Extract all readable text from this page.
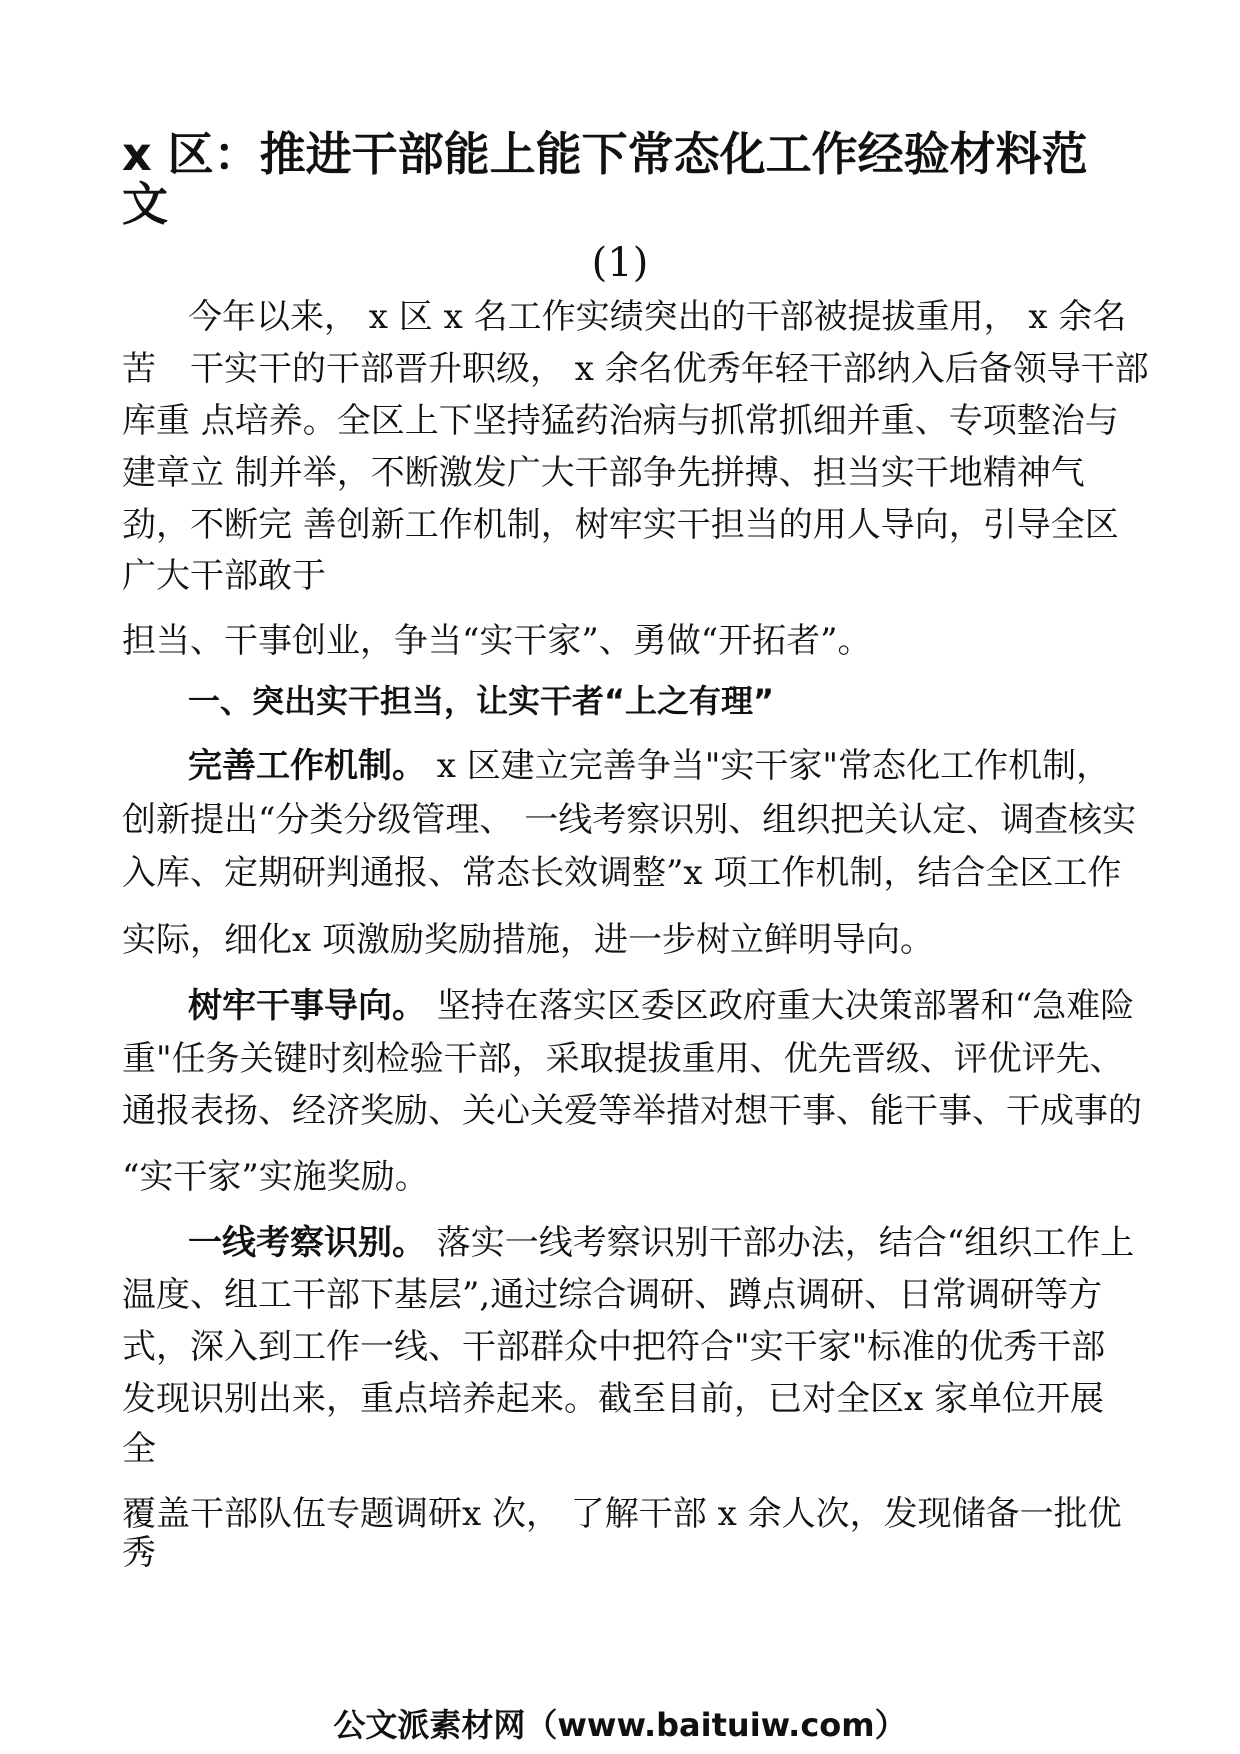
x 区：推进干部能上能下常态化工作经验材料范
文
(1)
今年以来， x 区 x 名工作实绩突出的干部被提拔重用， x 余名
苦　干实干的干部晋升职级， x 余名优秀年轻干部纳入后备领导干部
库重 点培养。全区上下坚持猛药治病与抓常抓细并重、专项整治与
建章立 制并举，不断激发广大干部争先拼搏、担当实干地精神气
劲，不断完 善创新工作机制，树牢实干担当的用人导向，引导全区
广大干部敢于
担当、干事创业，争当“实干家”、勇做“开拓者”。
一、突出实干担当，让实干者“上之有理”
完善工作机制。 x 区建立完善争当"实干家"常态化工作机制，
创新提出“分类分级管理、 一线考察识别、组织把关认定、调查核实
入库、定期研判通报、常态长效调整”x 项工作机制，结合全区工作
实际，细化x 项激励奖励措施，进一步树立鲜明导向。
树牢干事导向。 坚持在落实区委区政府重大决策部署和“急难险
重"任务关键时刻检验干部，采取提拔重用、优先晋级、评优评先、
通报表扬、经济奖励、关心关爱等举措对想干事、能干事、干成事的
“实干家”实施奖励。
一线考察识别。 落实一线考察识别干部办法，结合“组织工作上
温度、组工干部下基层”,通过综合调研、蹲点调研、日常调研等方
式，深入到工作一线、干部群众中把符合"实干家"标准的优秀干部
发现识别出来，重点培养起来。截至目前，已对全区x 家单位开展
全
覆盖干部队伍专题调研x 次， 了解干部 x 余人次，发现储备一批优
秀
公文派素材网（www.baituiw.com）
